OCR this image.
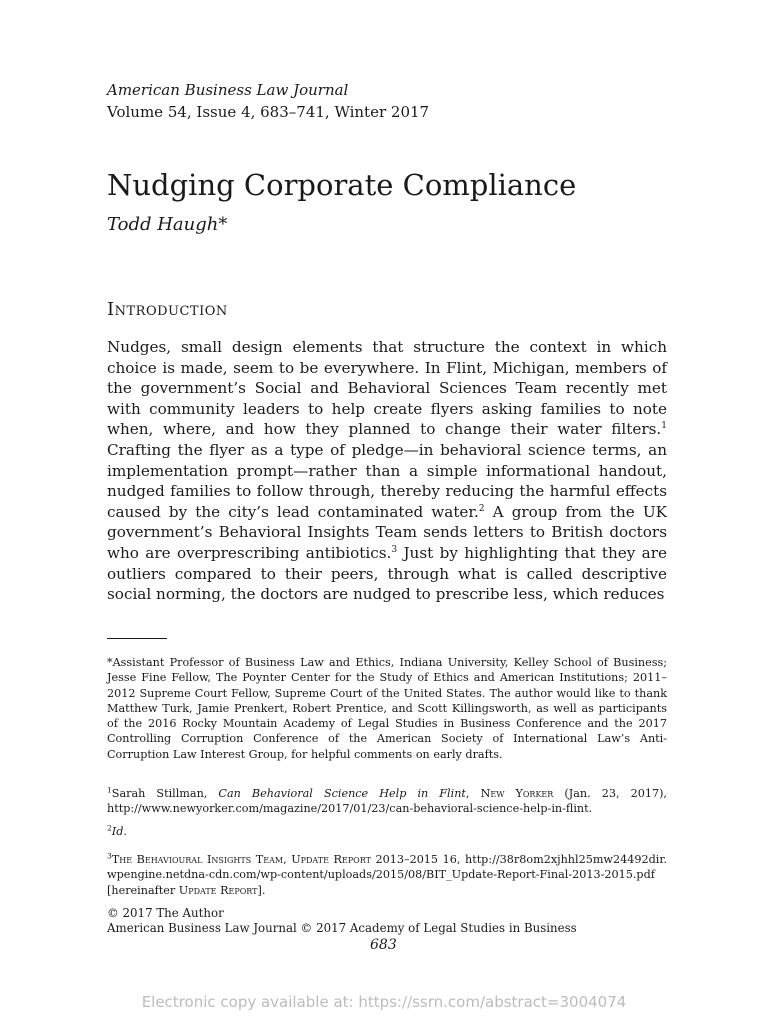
American Business Law Journal
Volume 54, Issue 4, 683–741, Winter 2017
Nudging Corporate Compliance
Todd Haugh*
Introduction
Nudges, small design elements that structure the context in which choice is made, seem to be everywhere. In Flint, Michigan, members of the government’s Social and Behavioral Sciences Team recently met with community leaders to help create flyers asking families to note when, where, and how they planned to change their water filters.$^1$ Crafting the flyer as a type of pledge—in behavioral science terms, an implementation prompt—rather than a simple informational handout, nudged families to follow through, thereby reducing the harmful effects caused by the city’s lead contaminated water.$^2$ A group from the UK government’s Behavioral Insights Team sends letters to British doctors who are overprescribing antibiotics.$^3$ Just by highlighting that they are outliers compared to their peers, through what is called descriptive social norming, the doctors are nudged to prescribe less, which reduces
*Assistant Professor of Business Law and Ethics, Indiana University, Kelley School of Business; Jesse Fine Fellow, The Poynter Center for the Study of Ethics and American Institutions; 2011–2012 Supreme Court Fellow, Supreme Court of the United States. The author would like to thank Matthew Turk, Jamie Prenkert, Robert Prentice, and Scott Killingsworth, as well as participants of the 2016 Rocky Mountain Academy of Legal Studies in Business Conference and the 2017 Controlling Corruption Conference of the American Society of International Law’s Anti-Corruption Law Interest Group, for helpful comments on early drafts.
$^1$Sarah Stillman, Can Behavioral Science Help in Flint, New Yorker (Jan. 23, 2017), http://www.newyorker.com/magazine/2017/01/23/can-behavioral-science-help-in-flint.
$^2$Id.
$^3$The Behavioural Insights Team, Update Report 2013–2015 16, http://38r8om2xjhhl25mw24492dir.wpengine.netdna-cdn.com/wp-content/uploads/2015/08/BIT_Update-Report-Final-2013-2015.pdf [hereinafter Update Report].
© 2017 The Author
American Business Law Journal © 2017 Academy of Legal Studies in Business
683
Electronic copy available at: https://ssrn.com/abstract=3004074
